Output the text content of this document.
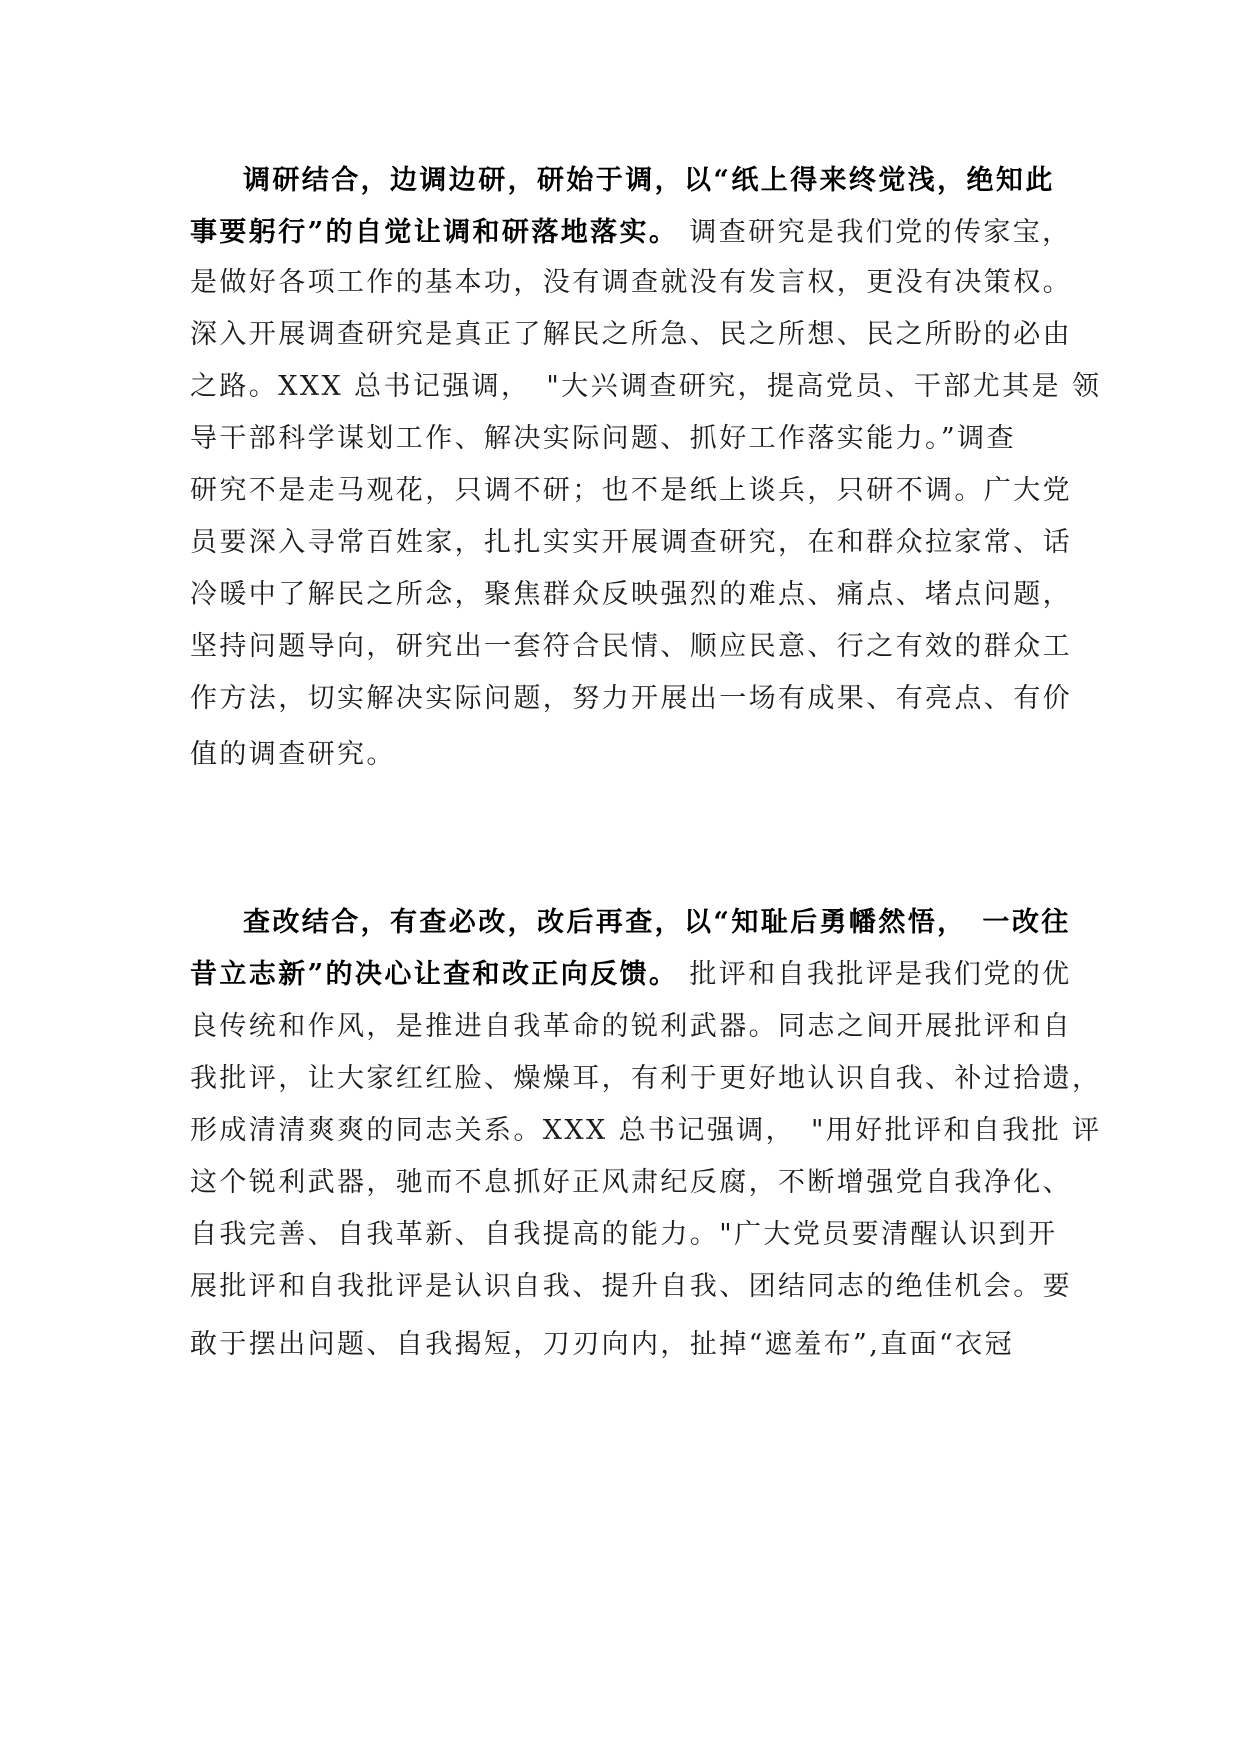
调研结合，边调边研，研始于调，以“纸上得来终觉浅，绝知此
事要躬行”的自觉让调和研落地落实。 调查研究是我们党的传家宝，
是做好各项工作的基本功，没有调查就没有发言权，更没有决策权。
深入开展调查研究是真正了解民之所急、民之所想、民之所盼的必由
之路。XXX 总书记强调，　"大兴调查研究，提高党员、干部尤其是 领
导干部科学谋划工作、解决实际问题、抓好工作落实能力。”调查
研究不是走马观花，只调不研；也不是纸上谈兵，只研不调。广大党
员要深入寻常百姓家，扎扎实实开展调查研究，在和群众拉家常、话
冷暖中了解民之所念，聚焦群众反映强烈的难点、痛点、堵点问题，
坚持问题导向，研究出一套符合民情、顺应民意、行之有效的群众工
作方法，切实解决实际问题，努力开展出一场有成果、有亮点、有价
值的调查研究。
查改结合，有查必改，改后再查，以“知耻后勇幡然悟，　一改往
昔立志新”的决心让查和改正向反馈。 批评和自我批评是我们党的优
良传统和作风，是推进自我革命的锐利武器。同志之间开展批评和自
我批评，让大家红红脸、燥燥耳，有利于更好地认识自我、补过拾遗，
形成清清爽爽的同志关系。XXX 总书记强调，　"用好批评和自我批 评
这个锐利武器，驰而不息抓好正风肃纪反腐，不断增强党自我净化、
自我完善、自我革新、自我提高的能力。"广大党员要清醒认识到开
展批评和自我批评是认识自我、提升自我、团结同志的绝佳机会。要
敢于摆出问题、自我揭短，刀刃向内，扯掉“遮羞布”,直面“衣冠
